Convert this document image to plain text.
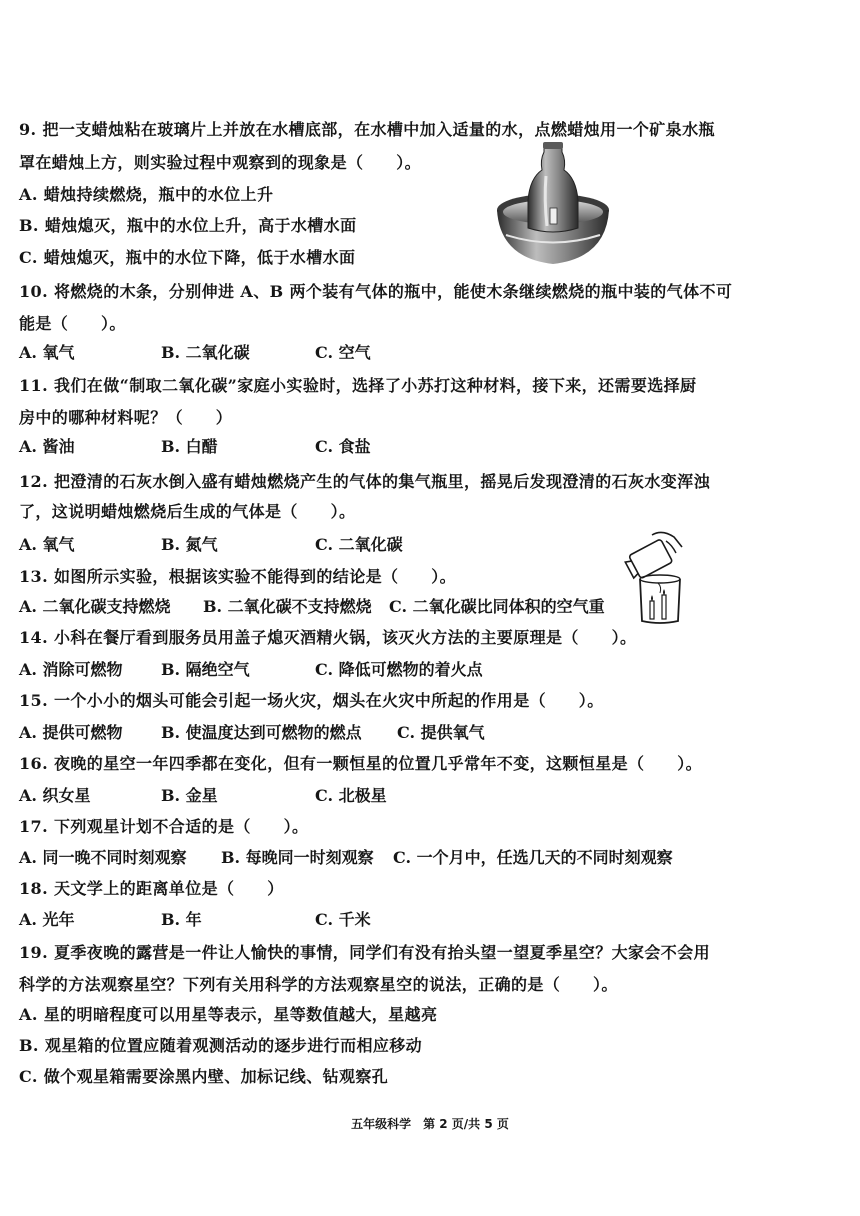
9. 把一支蜡烛粘在玻璃片上并放在水槽底部，在水槽中加入适量的水，点燃蜡烛用一个矿泉水瓶
罩在蜡烛上方，则实验过程中观察到的现象是（　　）。
A. 蜡烛持续燃烧，瓶中的水位上升
B. 蜡烛熄灭，瓶中的水位上升，高于水槽水面
C. 蜡烛熄灭，瓶中的水位下降，低于水槽水面
10. 将燃烧的木条，分别伸进 A、B 两个装有气体的瓶中，能使木条继续燃烧的瓶中装的气体不可
能是（　　）。
A. 氧气	B. 二氧化碳	C. 空气
11. 我们在做“制取二氧化碳”家庭小实验时，选择了小苏打这种材料，接下来，还需要选择厨
房中的哪种材料呢？（　　）
A. 酱油	B. 白醋	C. 食盐
12. 把澄清的石灰水倒入盛有蜡烛燃烧产生的气体的集气瓶里，摇晃后发现澄清的石灰水变浑浊
了，这说明蜡烛燃烧后生成的气体是（　　）。
A. 氧气	B. 氮气	C. 二氧化碳
13. 如图所示实验，根据该实验不能得到的结论是（　　）。
A. 二氧化碳支持燃烧 B. 二氧化碳不支持燃烧 C. 二氧化碳比同体积的空气重
14. 小科在餐厅看到服务员用盖子熄灭酒精火锅，该灭火方法的主要原理是（　　）。
A. 消除可燃物 B. 隔绝空气	C. 降低可燃物的着火点
15. 一个小小的烟头可能会引起一场火灾，烟头在火灾中所起的作用是（　　）。
A. 提供可燃物 B. 使温度达到可燃物的燃点 C. 提供氧气
16. 夜晚的星空一年四季都在变化，但有一颗恒星的位置几乎常年不变，这颗恒星是（　　）。
A. 织女星	B. 金星	C. 北极星
17. 下列观星计划不合适的是（　　）。
A. 同一晚不同时刻观察 B. 每晚同一时刻观察 C. 一个月中，任选几天的不同时刻观察
18. 天文学上的距离单位是（　　）
A. 光年	B. 年	C. 千米
19. 夏季夜晚的露营是一件让人愉快的事情，同学们有没有抬头望一望夏季星空？大家会不会用
科学的方法观察星空？下列有关用科学的方法观察星空的说法，正确的是（　　）。
A. 星的明暗程度可以用星等表示，星等数值越大，星越亮
B. 观星箱的位置应随着观测活动的逐步进行而相应移动
C. 做个观星箱需要涂黑内壁、加标记线、钻观察孔
五年级科学　第 2 页/共 5 页
